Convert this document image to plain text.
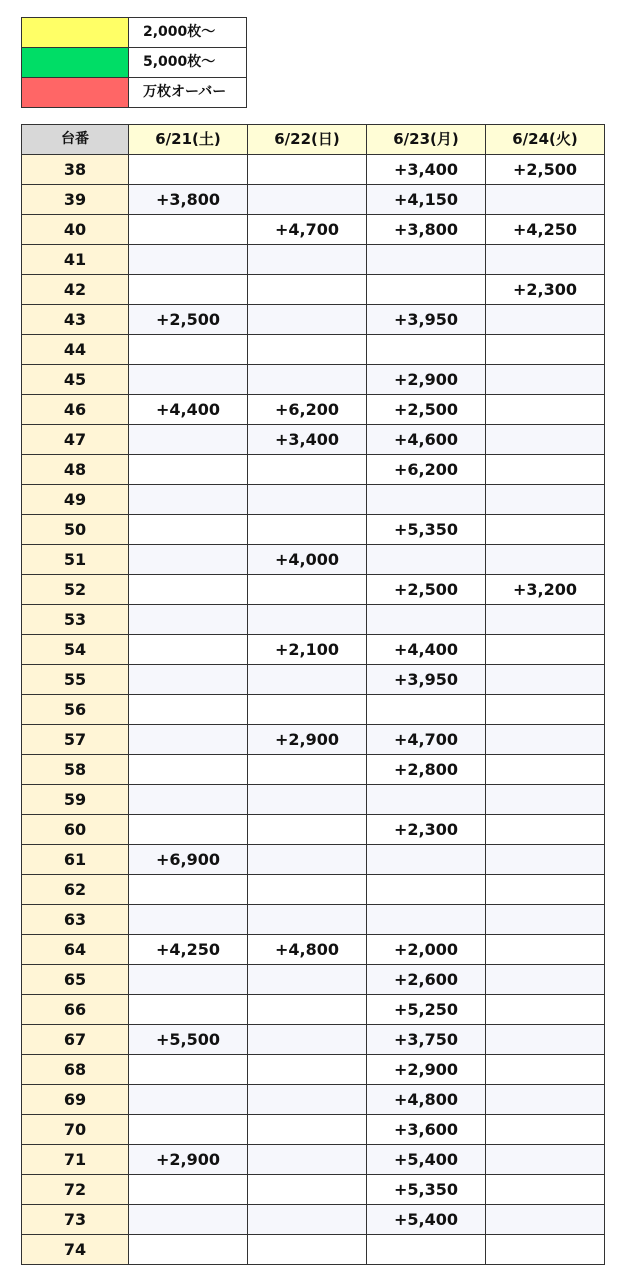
	2,000枚〜
	5,000枚〜
	万枚オーバー
台番	6/21(土)	6/22(日)	6/23(月)	6/24(火)
38			+3,400	+2,500
39	+3,800		+4,150	
40		+4,700	+3,800	+4,250
41				
42				+2,300
43	+2,500		+3,950	
44				
45			+2,900	
46	+4,400	+6,200	+2,500	
47		+3,400	+4,600	
48			+6,200	
49				
50			+5,350	
51		+4,000		
52			+2,500	+3,200
53				
54		+2,100	+4,400	
55			+3,950	
56				
57		+2,900	+4,700	
58			+2,800	
59				
60			+2,300	
61	+6,900			
62				
63				
64	+4,250	+4,800	+2,000	
65			+2,600	
66			+5,250	
67	+5,500		+3,750	
68			+2,900	
69			+4,800	
70			+3,600	
71	+2,900		+5,400	
72			+5,350	
73			+5,400	
74				
